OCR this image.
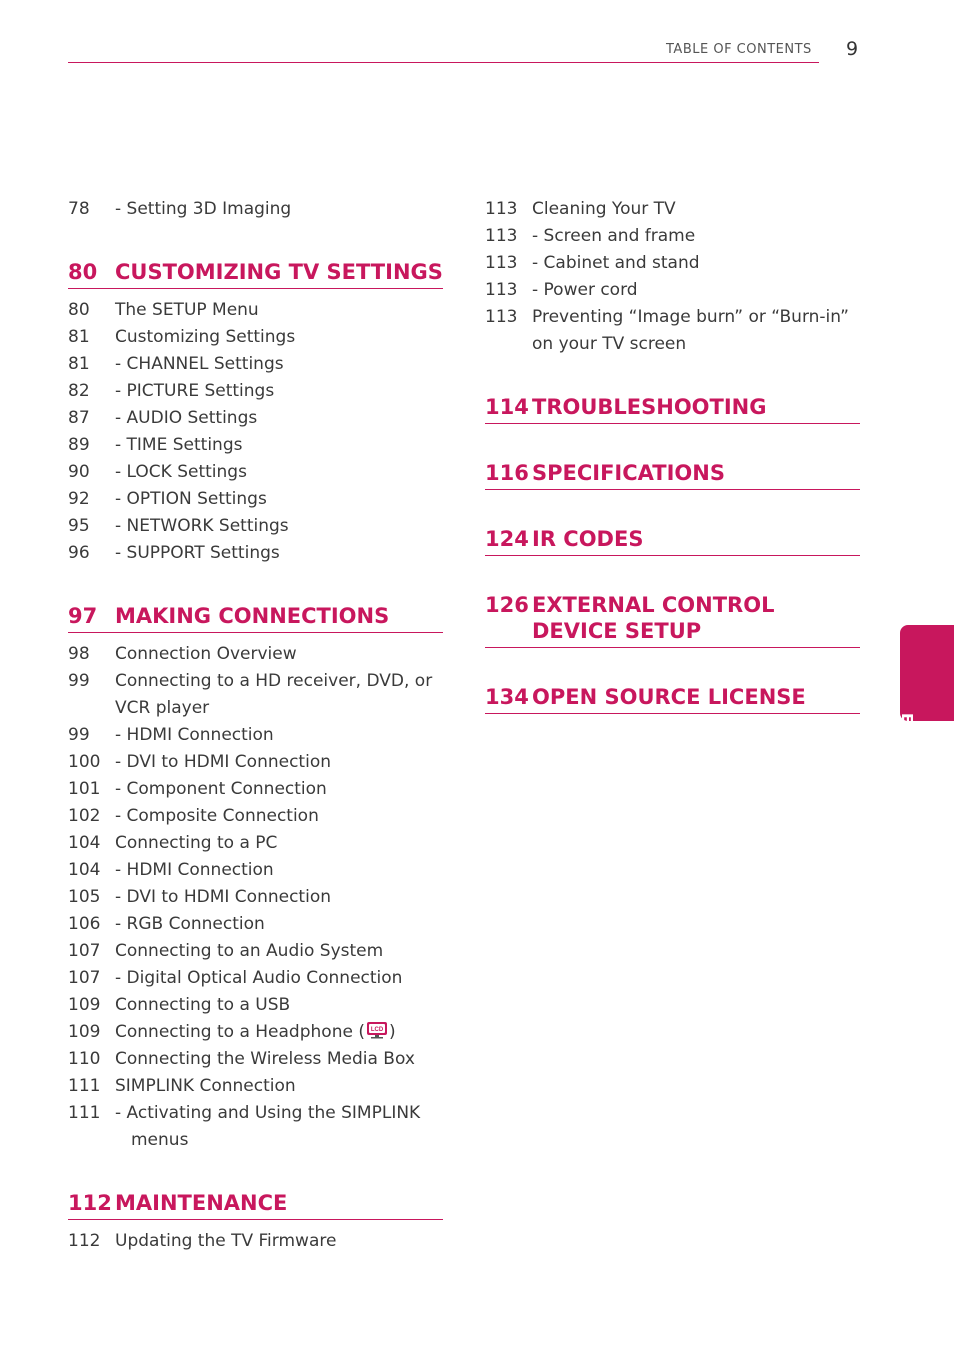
TABLE OF CONTENTS 9
78	- Setting 3D Imaging
80 CUSTOMIZING TV SETTINGS
80	The SETUP Menu
81	Customizing Settings
81	- CHANNEL Settings
82	- PICTURE Settings
87	- AUDIO Settings
89	- TIME Settings
90	- LOCK Settings
92	- OPTION Settings
95	- NETWORK Settings
96	- SUPPORT Settings
97 MAKING CONNECTIONS
98	Connection Overview
99	Connecting to a HD receiver, DVD, or VCR player
99	- HDMI Connection
100 - DVI to HDMI Connection
101 - Component Connection
102 - Composite Connection
104 Connecting to a PC
104 - HDMI Connection
105 - DVI to HDMI Connection
106 - RGB Connection
107 Connecting to an Audio System
107 - Digital Optical Audio Connection
109 Connecting to a USB
109 Connecting to a Headphone ( LCD )
110 Connecting the Wireless Media Box
111 SIMPLINK Connection
111 - Activating and Using the SIMPLINK menus
112 MAINTENANCE
112 Updating the TV Firmware
113 Cleaning Your TV
113 - Screen and frame
113 - Cabinet and stand
113 - Power cord
113 Preventing “Image burn” or “Burn-in” on your TV screen
114 TROUBLESHOOTING
116 SPECIFICATIONS
124 IR CODES
126 EXTERNAL CONTROL DEVICE SETUP
134 OPEN SOURCE LICENSE
ENGLISH
